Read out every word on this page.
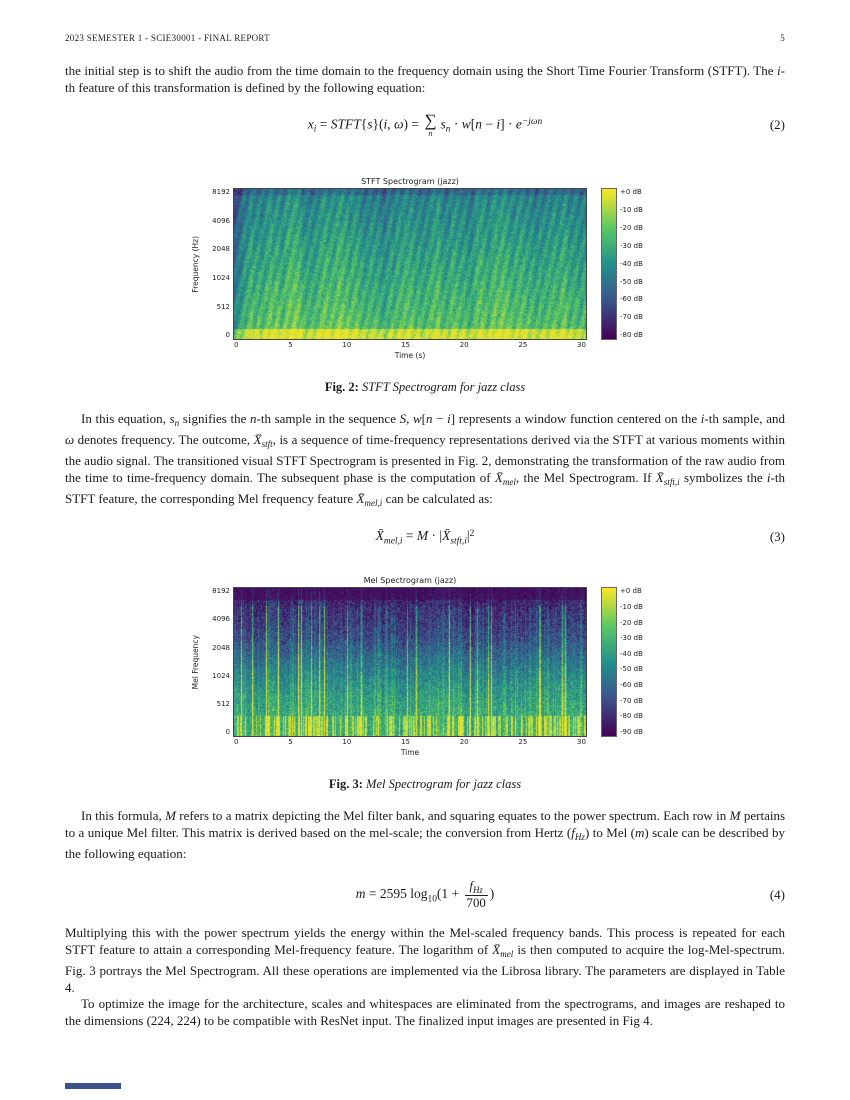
2023 SEMESTER 1 - SCIE30001 - FINAL REPORT	5

the initial step is to shift the audio from the time domain to the frequency domain using the Short Time Fourier Transform (STFT). The i-th feature of this transformation is defined by the following equation:

$x_i$ = STFT{s}(i, ω) = ∑
n
$s_n \cdot w[n - i] \cdot e^{-j\omega n}$	(2)
STFT Spectrogram (jazz)
Frequency (Hz)
8192
4096
2048
1024
512
0
+0 dB
-10 dB
-20 dB
-30 dB
-40 dB
-50 dB
-60 dB
-70 dB
-80 dB
0	5	10	15	20	25	30
Time (s)
Fig. 2: STFT Spectrogram for jazz class

In this equation, $s_n$ signifies the n-th sample in the sequence S, w[n − i] represents a window function centered on the i-th sample, and ω denotes frequency. The outcome, $X̄_{stft}$, is a sequence of time-frequency representations derived via the STFT at various moments within the audio signal. The transitioned visual STFT Spectrogram is presented in Fig. 2, demonstrating the transformation of the raw audio from the time to time-frequency domain. The subsequent phase is the computation of $X̄_{mel}$, the Mel Spectrogram. If $X̄_{stft,i}$ symbolizes the i-th STFT feature, the corresponding Mel frequency feature $X̄_{mel,i}$ can be calculated as:

$X̄_{mel,i} = M$ · $|X̄_{stft,i}|^2$	(3)
Mel Spectrogram (jazz)
Mel Frequency
8192
4096
2048
1024
512
0
+0 dB
-10 dB
-20 dB
-30 dB
-40 dB
-50 dB
-60 dB
-70 dB
-80 dB
-90 dB
0	5	10	15	20	25	30
Time
Fig. 3: Mel Spectrogram for jazz class

In this formula, M refers to a matrix depicting the Mel filter bank, and squaring equates to the power spectrum. Each row in M pertains to a unique Mel filter. This matrix is derived based on the mel-scale; the conversion from Hertz $(f_{Hz})$ to Mel (m) scale can be described by the following equation:

m = 2595 $\log_{10}(1 + \frac{f_{Hz}}{700}$ )	(4)

Multiplying this with the power spectrum yields the energy within the Mel-scaled frequency bands. This process is repeated for each STFT feature to attain a corresponding Mel-frequency feature. The logarithm of $X̄_{mel}$ is then computed to acquire the log-Mel-spectrum. Fig. 3 portrays the Mel Spectrogram. All these operations are implemented via the Librosa library. The parameters are displayed in Table 4.

To optimize the image for the architecture, scales and whitespaces are eliminated from the spectrograms, and images are reshaped to the dimensions (224, 224) to be compatible with ResNet input. The finalized input images are presented in Fig 4.
